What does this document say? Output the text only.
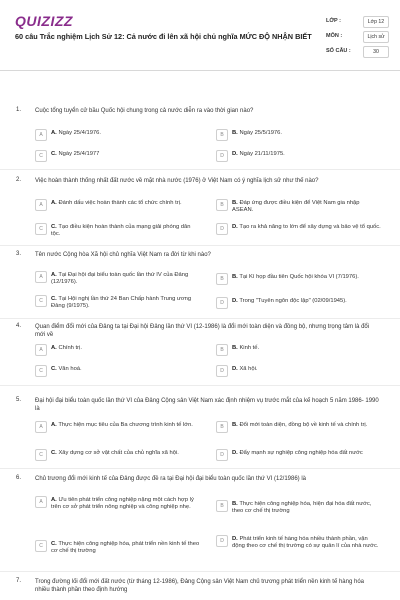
QUIZIZZ
60 câu Trắc nghiệm Lịch Sử 12: Cả nước đi lên xã hội chủ nghĩa MỨC ĐỘ NHẬN BIẾT
LỚP :	Lớp 12
MÔN :	Lịch sử
SỐ CÂU :	30
1. Cuộc tổng tuyển cử bầu Quốc hội chung trong cả nước diễn ra vào thời gian nào?
A	A. Ngày 25/4/1976.	B	B. Ngày 25/5/1976.
C	C. Ngày 25/4/1977	D	D. Ngày 21/11/1975.
2. Việc hoàn thành thống nhất đất nước về mặt nhà nước (1976) ở Việt Nam có ý nghĩa lịch sử như thế nào?
A	A. Đánh dấu việc hoàn thành các tổ chức chính trị.	B	B. Đáp ứng được điều kiện để Việt Nam gia nhập ASEAN.
C	C. Tạo điều kiện hoàn thành của mạng giải phóng dân tộc.
D	D. Tạo ra khả năng to lớn để xây dựng và bảo vệ tổ quốc.
3. Tên nước Cộng hòa Xã hội chủ nghĩa Việt Nam ra đời từ khi nào?
A	A. Tại Đại hội đại biểu toàn quốc lần thứ IV của Đảng (12/1976).	B	B. Tại Kì họp đầu tiên Quốc hội khóa VI (7/1976).
C	C. Tại Hội nghị lần thứ 24 Ban Chấp hành Trung ương Đảng (9/1975).	D	D. Trong "Tuyên ngôn độc lập" (02/09/1945).
4. Quan điểm đổi mới của Đảng ta tại Đại hội Đảng lần thứ VI (12-1986) là đổi mới toàn diện và đồng bộ, nhưng trọng tâm là đổi mới về
A	A. Chính trị.	B	B. Kinh tế.
C	C. Văn hoá.	D	D. Xã hội.
5. Đại hội đại biểu toàn quốc lần thứ VI của Đảng Cộng sản Việt Nam xác định nhiệm vụ trước mắt của kế hoạch 5 năm 1986- 1990 là
A	A. Thực hiện mục tiêu của Ba chương trình kinh tế lớn.	B	B. Đổi mới toàn diện, đồng bộ về kinh tế và chính trị.
C	C. Xây dựng cơ sở vật chất của chủ nghĩa xã hội.	D	D. Đẩy mạnh sự nghiệp công nghiệp hóa đất nước
6. Chủ trương đổi mới kinh tế của Đảng được đề ra tại Đại hội đại biểu toàn quốc lần thứ VI (12/1986) là
A	A. Ưu tiên phát triển công nghiệp nặng một cách hợp lý trên cơ sở phát triển nông nghiệp và công nghiệp nhẹ.	B	B. Thực hiện công nghiệp hóa, hiện đại hóa đất nước, theo cơ chế thị trường
C	C. Thực hiện công nghiệp hóa, phát triển nền kinh tế theo cơ chế thị trường
D	D. Phát triển kinh tế hàng hóa nhiều thành phần, vận động theo cơ chế thị trường có sự quản lí của nhà nước.
7. Trong đường lối đổi mới đất nước (từ tháng 12-1986), Đảng Cộng sản Việt Nam chủ trương phát triển nền kinh tế hàng hóa nhiều thành phần theo định hướng
